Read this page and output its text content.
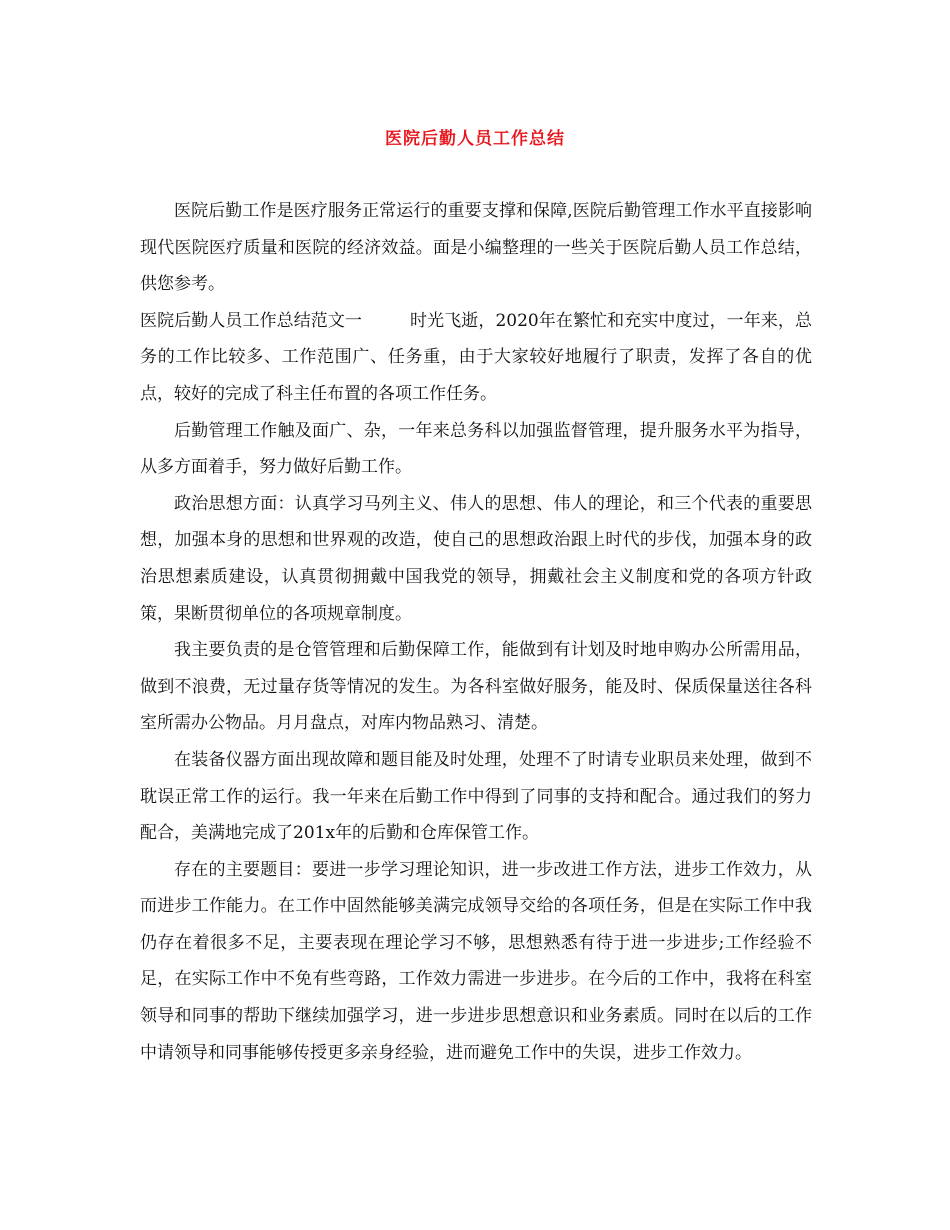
医院后勤人员工作总结

医院后勤工作是医疗服务正常运行的重要支撑和保障,医院后勤管理工作水平直接影响现代医院医疗质量和医院的经济效益。面是小编整理的一些关于医院后勤人员工作总结，供您参考。

医院后勤人员工作总结范文一	时光飞逝，2020年在繁忙和充实中度过，一年来，总务的工作比较多、工作范围广、任务重，由于大家较好地履行了职责，发挥了各自的优点，较好的完成了科主任布置的各项工作任务。

后勤管理工作触及面广、杂，一年来总务科以加强监督管理，提升服务水平为指导，从多方面着手，努力做好后勤工作。

政治思想方面：认真学习马列主义、伟人的思想、伟人的理论，和三个代表的重要思想，加强本身的思想和世界观的改造，使自己的思想政治跟上时代的步伐，加强本身的政治思想素质建设，认真贯彻拥戴中国我党的领导，拥戴社会主义制度和党的各项方针政策，果断贯彻单位的各项规章制度。

我主要负责的是仓管管理和后勤保障工作，能做到有计划及时地申购办公所需用品，做到不浪费，无过量存货等情况的发生。为各科室做好服务，能及时、保质保量送往各科室所需办公物品。月月盘点，对库内物品熟习、清楚。

在装备仪器方面出现故障和题目能及时处理，处理不了时请专业职员来处理，做到不耽误正常工作的运行。我一年来在后勤工作中得到了同事的支持和配合。通过我们的努力配合，美满地完成了201x年的后勤和仓库保管工作。

存在的主要题目：要进一步学习理论知识，进一步改进工作方法，进步工作效力，从而进步工作能力。在工作中固然能够美满完成领导交给的各项任务，但是在实际工作中我仍存在着很多不足，主要表现在理论学习不够，思想熟悉有待于进一步进步;工作经验不足，在实际工作中不免有些弯路，工作效力需进一步进步。在今后的工作中，我将在科室领导和同事的帮助下继续加强学习，进一步进步思想意识和业务素质。同时在以后的工作中请领导和同事能够传授更多亲身经验，进而避免工作中的失误，进步工作效力。
